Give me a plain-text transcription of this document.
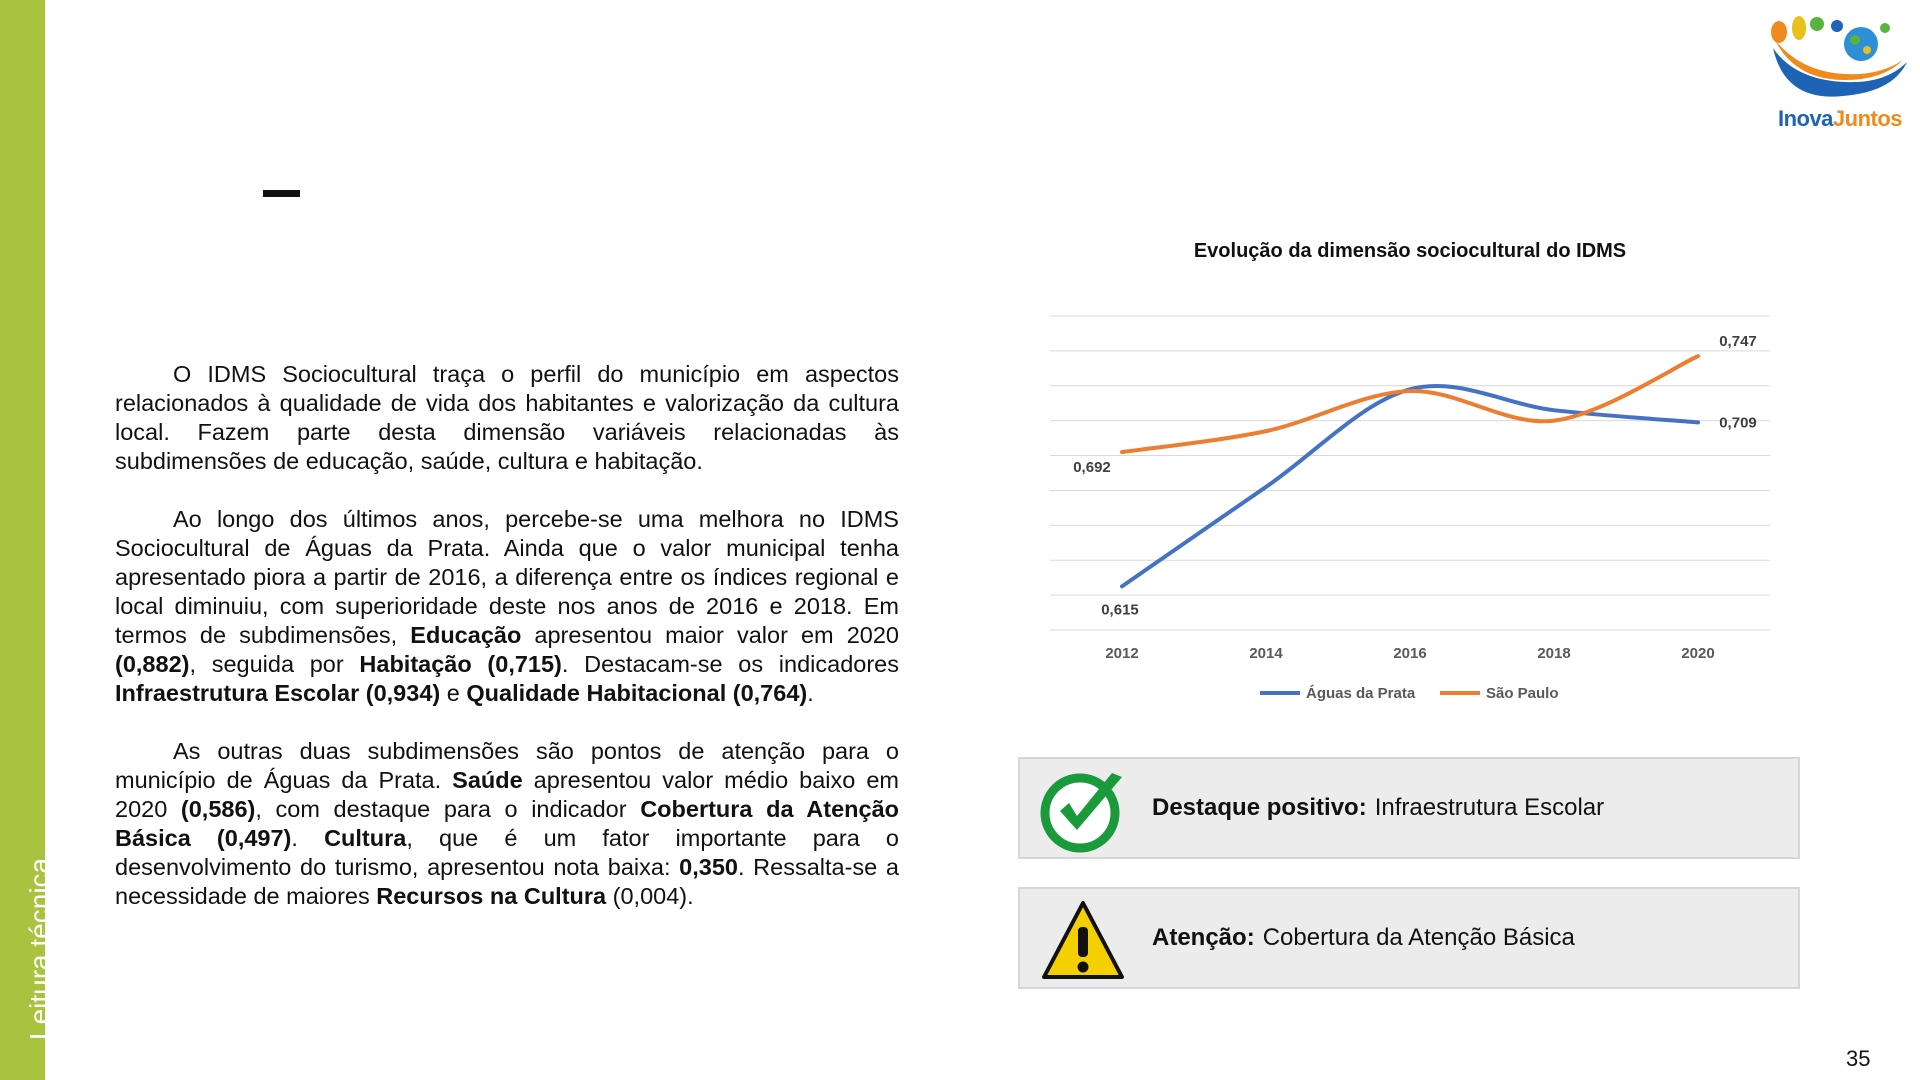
Leitura técnica
InovaJuntos

O IDMS Sociocultural traça o perfil do município em aspectos relacionados à qualidade de vida dos habitantes e valorização da cultura local. Fazem parte desta dimensão variáveis relacionadas às subdimensões de educação, saúde, cultura e habitação.

Ao longo dos últimos anos, percebe-se uma melhora no IDMS Sociocultural de Águas da Prata. Ainda que o valor municipal tenha apresentado piora a partir de 2016, a diferença entre os índices regional e local diminuiu, com superioridade deste nos anos de 2016 e 2018. Em termos de subdimensões, Educação apresentou maior valor em 2020 (0,882), seguida por Habitação (0,715). Destacam-se os indicadores Infraestrutura Escolar (0,934) e Qualidade Habitacional (0,764).

As outras duas subdimensões são pontos de atenção para o município de Águas da Prata. Saúde apresentou valor médio baixo em 2020 (0,586), com destaque para o indicador Cobertura da Atenção Básica (0,497). Cultura, que é um fator importante para o desenvolvimento do turismo, apresentou nota baixa: 0,350. Ressalta-se a necessidade de maiores Recursos na Cultura (0,004).

Evolução da dimensão sociocultural do IDMS
2012	2014	2016	2018	2020
0,615
0,709
0,692
0,747
Águas da Prata	São Paulo
Destaque positivo: Infraestrutura Escolar
Atenção: Cobertura da Atenção Básica
35
